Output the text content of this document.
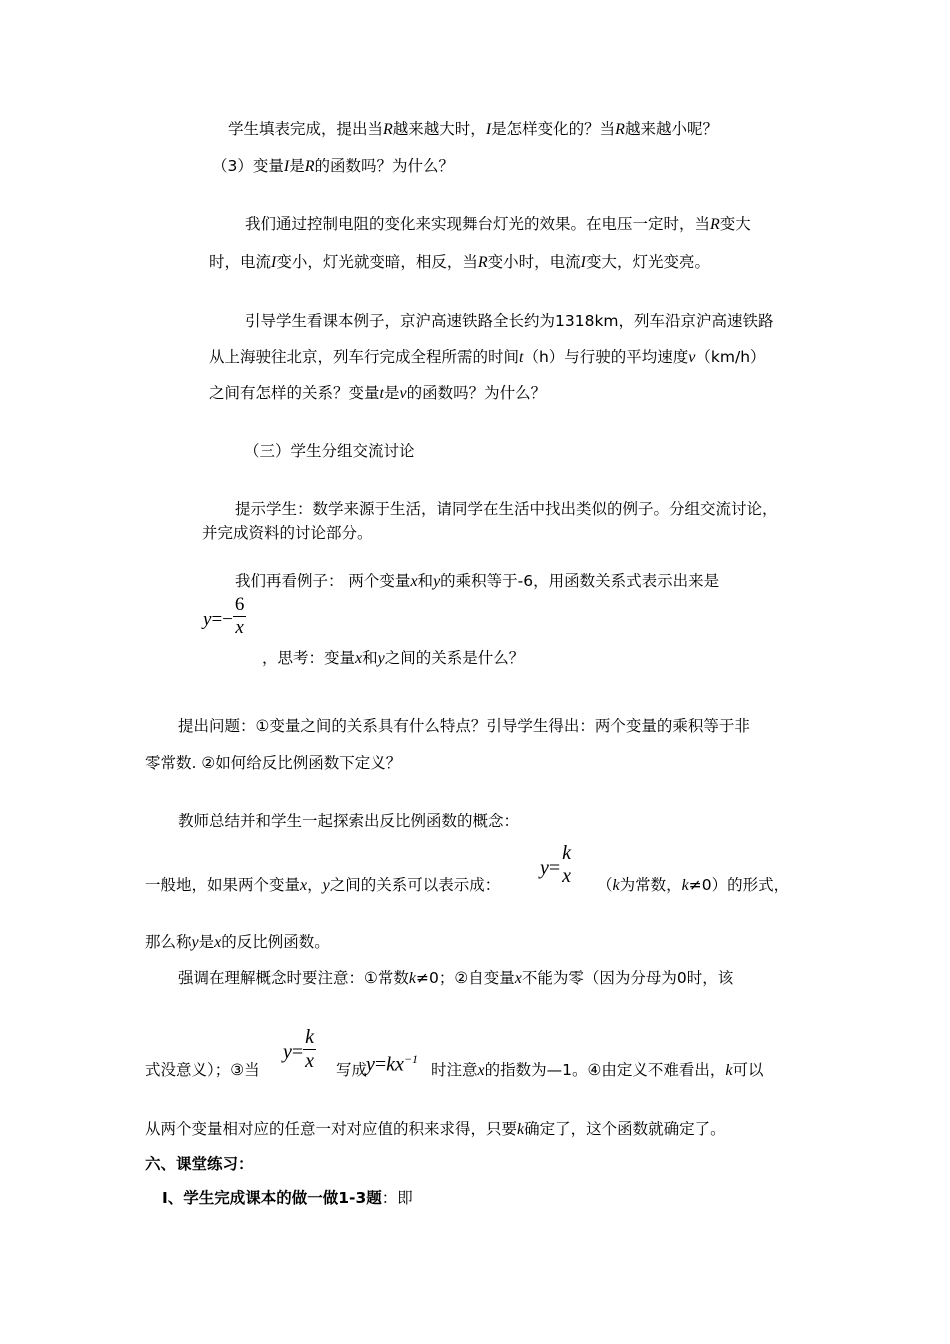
学生填表完成，提出当R越来越大时，I是怎样变化的？当R越来越小呢？
（3）变量I是R的函数吗？为什么？
我们通过控制电阻的变化来实现舞台灯光的效果。在电压一定时，当R变大
时，电流I变小，灯光就变暗，相反，当R变小时，电流I变大，灯光变亮。
引导学生看课本例子，京沪高速铁路全长约为1318km，列车沿京沪高速铁路
从上海驶往北京，列车行完成全程所需的时间t（h）与行驶的平均速度v（km/h）
之间有怎样的关系？变量t是v的函数吗？为什么？
（三）学生分组交流讨论
提示学生：数学来源于生活，请同学在生活中找出类似的例子。分组交流讨论，
并完成资料的讨论部分。
我们再看例子： 两个变量x和y的乘积等于-6，用函数关系式表示出来是
$y=- \frac{6}{x}$
，思考：变量x和y之间的关系是什么？
提出问题：①变量之间的关系具有什么特点？引导学生得出：两个变量的乘积等于非
零常数. ②如何给反比例函数下定义？
教师总结并和学生一起探索出反比例函数的概念：
一般地，如果两个变量x，y之间的关系可以表示成：
y=
k
x （k为常数，k≠0）的形式，
那么称y是x的反比例函数。
强调在理解概念时要注意：①常数k≠0；②自变量x不能为零（因为分母为0时，该
式没意义）；③当
$y= \frac{k}{x}$ 写成
$y=kx^{-1}$
时注意x的指数为—1。④由定义不难看出，k可以
从两个变量相对应的任意一对对应值的积来求得，只要k确定了，这个函数就确定了。
六、课堂练习：
I、学生完成课本的做一做1-3题：即
